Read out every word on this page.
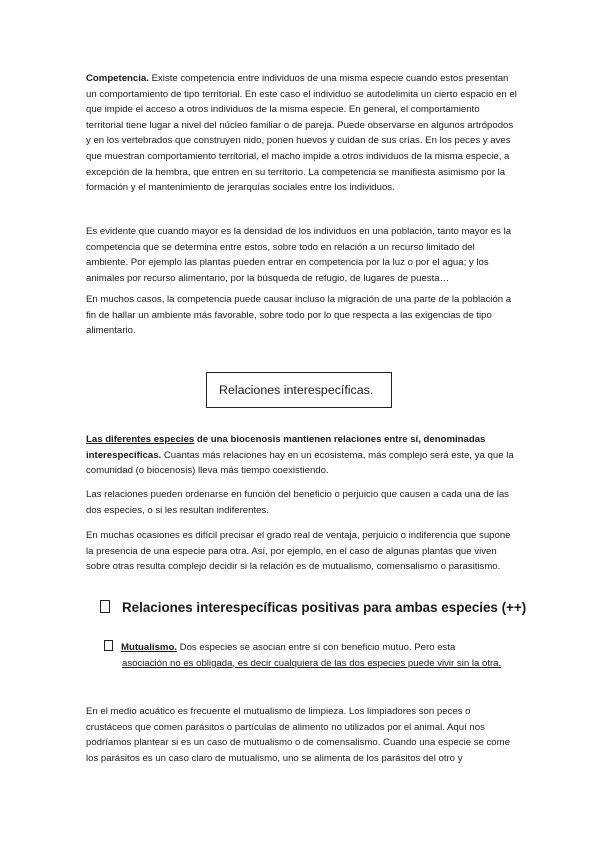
Competencia. Existe competencia entre individuos de una misma especie cuando estos presentan un comportamiento de tipo territorial. En este caso el individuo se autodelimita un cierto espacio en el que impide el acceso a otros individuos de la misma especie. En general, el comportamiento territorial tiene lugar a nivel del núcleo familiar o de pareja. Puede observarse en algunos artrópodos y en los vertebrados que construyen nido, ponen huevos y cuidan de sus crías. En los peces y aves que muestran comportamiento territorial, el macho impide a otros individuos de la misma especie, a excepción de la hembra, que entren en su territorio. La competencia se manifiesta asimismo por la formación y el mantenimiento de jerarquías sociales entre los individuos.

Es evidente que cuando mayor es la densidad de los individuos en una población, tanto mayor es la competencia que se determina entre estos, sobre todo en relación a un recurso limitado del ambiente. Por ejemplo las plantas pueden entrar en competencia por la luz o por el agua; y los animales por recurso alimentario, por la búsqueda de refugio, de lugares de puesta…

En muchos casos, la competencia puede causar incluso la migración de una parte de la población a fin de hallar un ambiente más favorable, sobre todo por lo que respecta a las exigencias de tipo alimentario.

Relaciones interespecíficas.

Las diferentes especies de una biocenosis mantienen relaciones entre sí, denominadas interespecíficas. Cuantas más relaciones hay en un ecosistema, más complejo será este, ya que la comunidad (o biocenosis) lleva más tiempo coexistiendo.

Las relaciones pueden ordenarse en función del beneficio o perjuicio que causen a cada una de las dos especies, o si les resultan indiferentes.

En muchas ocasiones es difícil precisar el grado real de ventaja, perjuicio o indiferencia que supone la presencia de una especie para otra. Así, por ejemplo, en el caso de algunas plantas que viven sobre otras resulta complejo decidir si la relación es de mutualismo, comensalismo o parasitismo.

Relaciones interespecíficas positivas para ambas especies (++)
Mutualismo. Dos especies se asocian entre sí con beneficio mutuo. Pero esta
asociación no es obligada, es decir cualquiera de las dos especies puede vivir sin la otra.

En el medio acuático es frecuente el mutualismo de limpieza. Los limpiadores son peces o crustáceos que comen parásitos o partículas de alimento no utilizados por el animal. Aquí nos podríamos plantear si es un caso de mutualismo o de comensalismo. Cuando una especie se come los parásitos es un caso claro de mutualismo, uno se alimenta de los parásitos del otro y
